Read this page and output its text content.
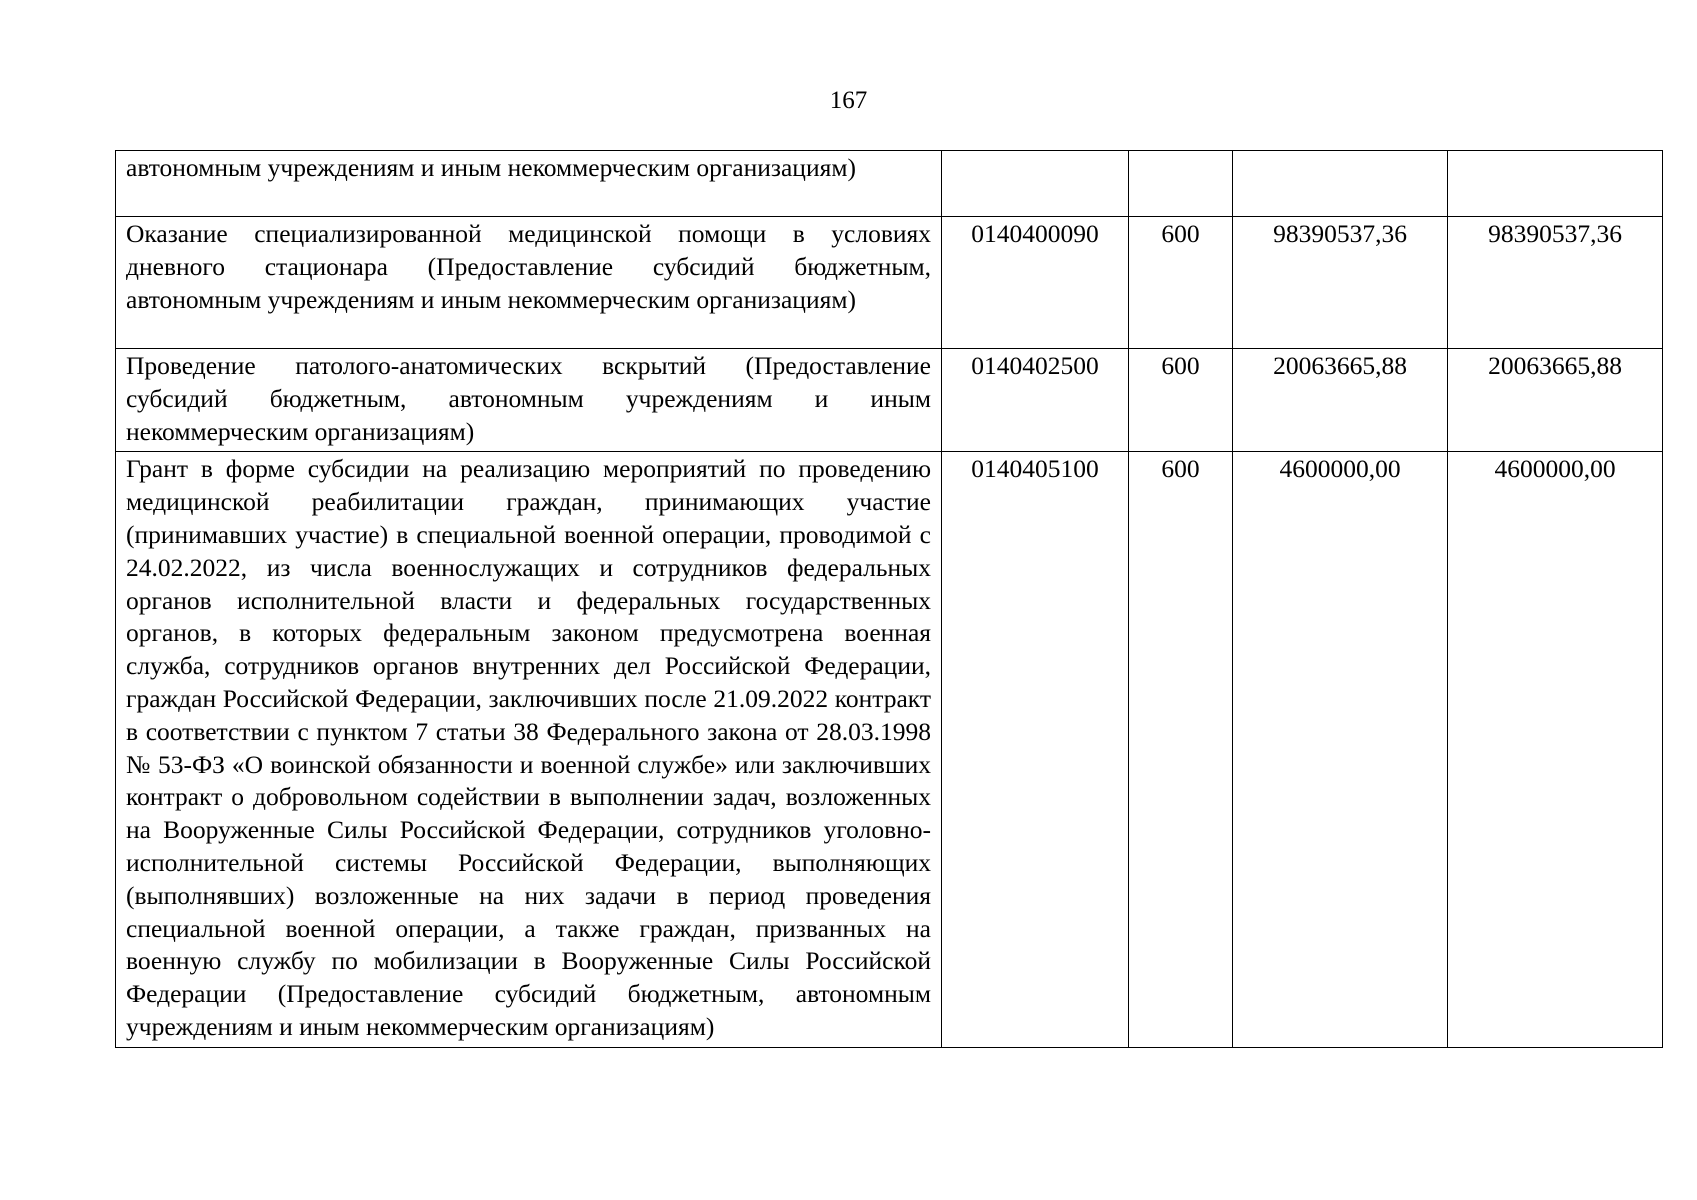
167
автономным учреждениям и иным некоммерческим организациям)				
Оказание специализированной медицинской помощи в условиях дневного стационара (Предоставление субсидий бюджетным, автономным учреждениям и иным некоммерческим организациям)	0140400090	600	98390537,36	98390537,36
Проведение патолого-анатомических вскрытий (Предоставление субсидий бюджетным, автономным учреждениям и иным некоммерческим организациям)	0140402500	600	20063665,88	20063665,88
Грант в форме субсидии на реализацию мероприятий по проведению медицинской реабилитации граждан, принимающих участие (принимавших участие) в специальной военной операции, проводимой с 24.02.2022, из числа военнослужащих и сотрудников федеральных органов исполнительной власти и федеральных государственных органов, в которых федеральным законом предусмотрена военная служба, сотрудников органов внутренних дел Российской Федерации, граждан Российской Федерации, заключивших после 21.09.2022 контракт в соответствии с пунктом 7 статьи 38 Федерального закона от 28.03.1998 № 53-ФЗ «О воинской обязанности и военной службе» или заключивших контракт о добровольном содействии в выполнении задач, возложенных на Вооруженные Силы Российской Федерации, сотрудников уголовно-исполнительной системы Российской Федерации, выполняющих (выполнявших) возложенные на них задачи в период проведения специальной военной операции, а также граждан, призванных на военную службу по мобилизации в Вооруженные Силы Российской Федерации (Предоставление субсидий бюджетным, автономным учреждениям и иным некоммерческим организациям)	0140405100	600	4600000,00	4600000,00
